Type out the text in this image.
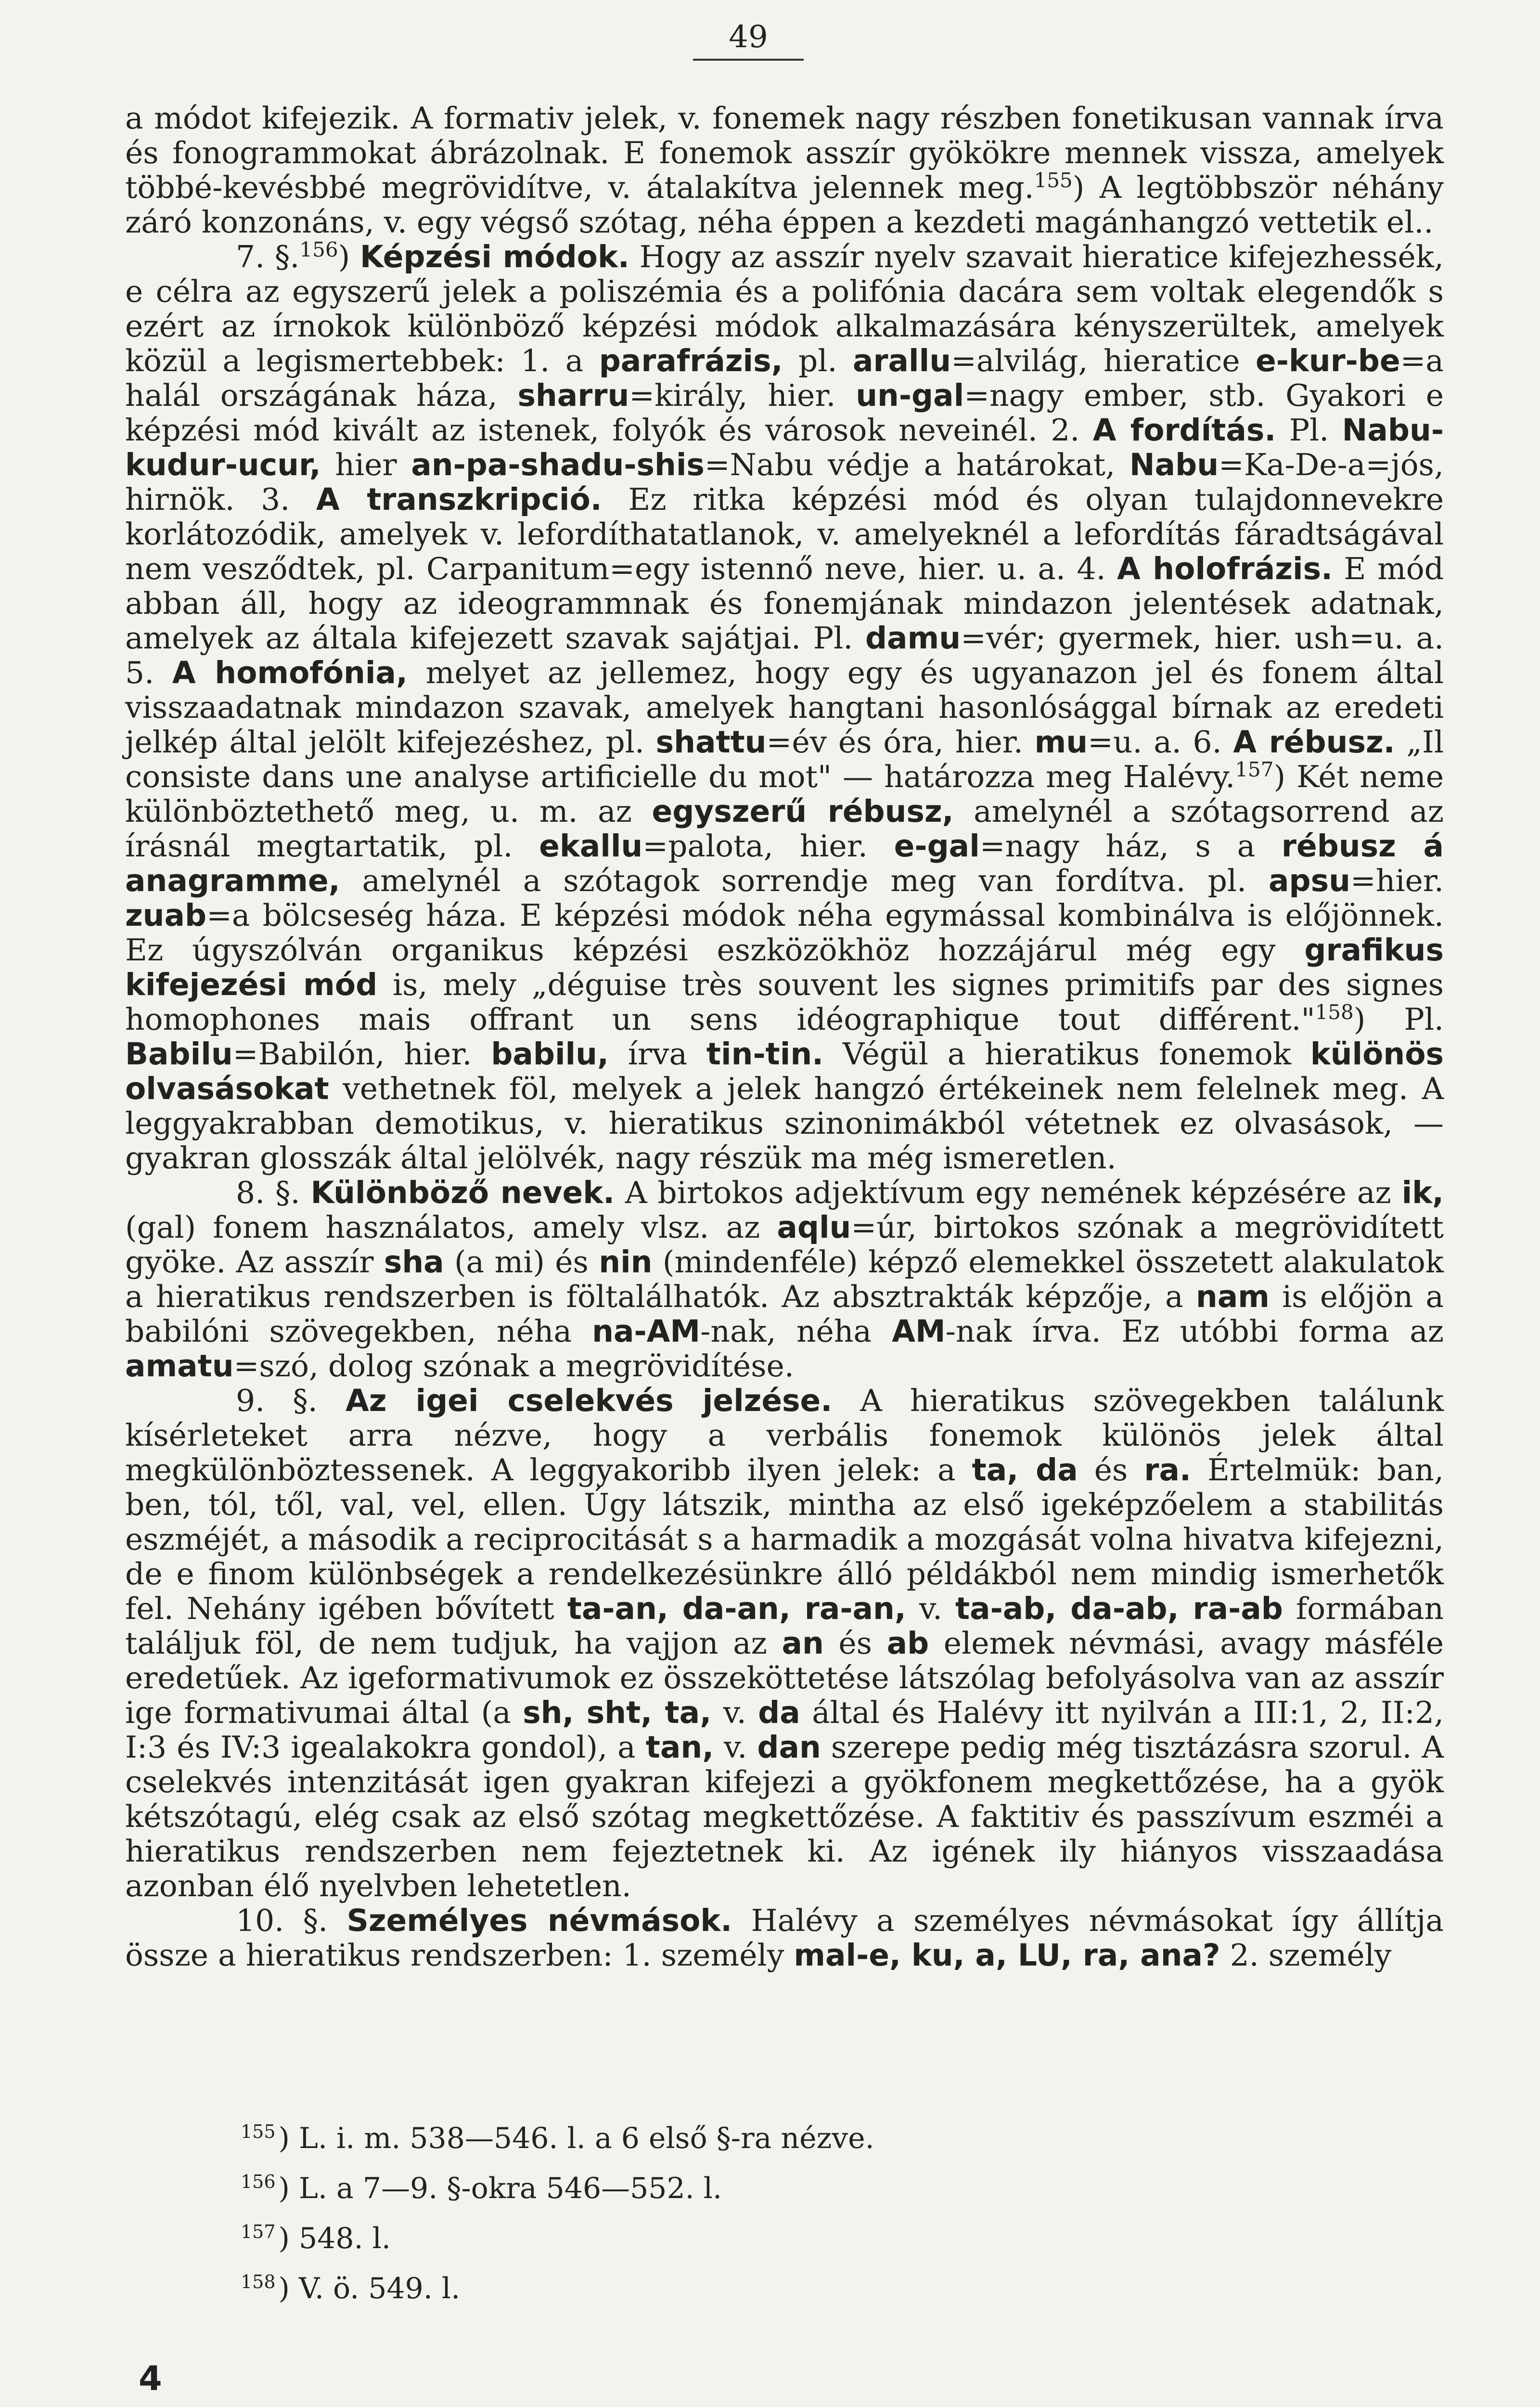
49

a módot kifejezik. A formativ jelek, v. fonemek nagy részben fonetikusan vannak írva és fonogrammokat ábrázolnak. E fonemok asszír gyökökre mennek vissza, amelyek többé-kevésbbé megrövidítve, v. átalakítva jelennek meg.$^{155}$) A legtöbbször néhány záró konzonáns, v. egy végső szótag, néha éppen a kezdeti magánhangzó vettetik el..

7. §.$^{156}$) Képzési módok. Hogy az asszír nyelv szavait hieratice kifejezhessék, e célra az egyszerű jelek a poliszémia és a polifónia dacára sem voltak elegendők s ezért az írnokok különböző képzési módok alkalmazására kényszerültek, amelyek közül a legismertebbek: 1. a parafrázis, pl. arallu=alvilág, hieratice e-kur-be=a halál országának háza, sharru=király, hier. un-gal=nagy ember, stb. Gyakori e képzési mód kivált az istenek, folyók és városok neveinél. 2. A fordítás. Pl. Nabu-kudur-ucur, hier an-pa-shadu-shis=Nabu védje a határokat, Nabu=Ka-De-a=jós, hirnök. 3. A transzkripció. Ez ritka képzési mód és olyan tulajdonnevekre korlátozódik, amelyek v. lefordíthatatlanok, v. amelyeknél a lefordítás fáradtságával nem vesződtek, pl. Carpanitum=egy istennő neve, hier. u. a. 4. A holofrázis. E mód abban áll, hogy az ideogrammnak és fonemjának mindazon jelentések adatnak, amelyek az általa kifejezett szavak sajátjai. Pl. damu=vér; gyermek, hier. ush=u. a. 5. A homofónia, melyet az jellemez, hogy egy és ugyanazon jel és fonem által visszaadatnak mindazon szavak, amelyek hangtani hasonlósággal bírnak az eredeti jelkép által jelölt kifejezéshez, pl. shattu=év és óra, hier. mu=u. a. 6. A rébusz. „Il consiste dans une analyse artificielle du mot" — határozza meg Halévy.$^{157}$) Két neme különböztethető meg, u. m. az egyszerű rébusz, amelynél a szótagsorrend az írásnál megtartatik, pl. ekallu=palota, hier. e-gal=nagy ház, s a rébusz á anagramme, amelynél a szótagok sorrendje meg van fordítva. pl. apsu=hier. zuab=a bölcseség háza. E képzési módok néha egymással kombinálva is előjönnek. Ez úgyszólván organikus képzési eszközökhöz hozzájárul még egy grafikus kifejezési mód is, mely „déguise très souvent les signes primitifs par des signes homophones mais offrant un sens idéographique tout différent."$^{158}$) Pl. Babilu=Babilón, hier. babilu, írva tin-tin. Végül a hieratikus fonemok különös olvasásokat vethetnek föl, melyek a jelek hangzó értékeinek nem felelnek meg. A leggyakrabban demotikus, v. hieratikus szinonimákból vétetnek ez olvasások, — gyakran glosszák által jelölvék, nagy részük ma még ismeretlen.

8. §. Különböző nevek. A birtokos adjektívum egy nemének képzésére az ik, (gal) fonem használatos, amely vlsz. az aqlu=úr, birtokos szónak a megrövidített gyöke. Az asszír sha (a mi) és nin (mindenféle) képző elemekkel összetett alakulatok a hieratikus rendszerben is föltalálhatók. Az absztrakták képzője, a nam is előjön a babilóni szövegekben, néha na-AM-nak, néha AM-nak írva. Ez utóbbi forma az amatu=szó, dolog szónak a megrövidítése.

9. §. Az igei cselekvés jelzése. A hieratikus szövegekben találunk kísérleteket arra nézve, hogy a verbális fonemok különös jelek által megkülönböztessenek. A leggyakoribb ilyen jelek: a ta, da és ra. Értelmük: ban, ben, tól, től, val, vel, ellen. Úgy látszik, mintha az első igeképzőelem a stabilitás eszméjét, a második a reciprocitását s a harmadik a mozgását volna hivatva kifejezni, de e finom különbségek a rendelkezésünkre álló példákból nem mindig ismerhetők fel. Nehány igében bővített ta-an, da-an, ra-an, v. ta-ab, da-ab, ra-ab formában találjuk föl, de nem tudjuk, ha vajjon az an és ab elemek névmási, avagy másféle eredetűek. Az igeformativumok ez összeköttetése látszólag befolyásolva van az asszír ige formativumai által (a sh, sht, ta, v. da által és Halévy itt nyilván a III:1, 2, II:2, I:3 és IV:3 igealakokra gondol), a tan, v. dan szerepe pedig még tisztázásra szorul. A cselekvés intenzitását igen gyakran kifejezi a gyökfonem megkettőzése, ha a gyök kétszótagú, elég csak az első szótag megkettőzése. A faktitiv és passzívum eszméi a hieratikus rendszerben nem fejeztetnek ki. Az igének ily hiányos visszaadása azonban élő nyelvben lehetetlen.

10. §. Személyes névmások. Halévy a személyes névmásokat így állítja össze a hieratikus rendszerben: 1. személy mal-e, ku, a, LU, ra, ana? 2. személy

$^{155}$ ) L. i. m. 538—546. l. a 6 első §-ra nézve.
$^{156}$ ) L. a 7—9. §-okra 546—552. l.
$^{157}$ ) 548. l.
$^{158}$ ) V. ö. 549. l.
4
